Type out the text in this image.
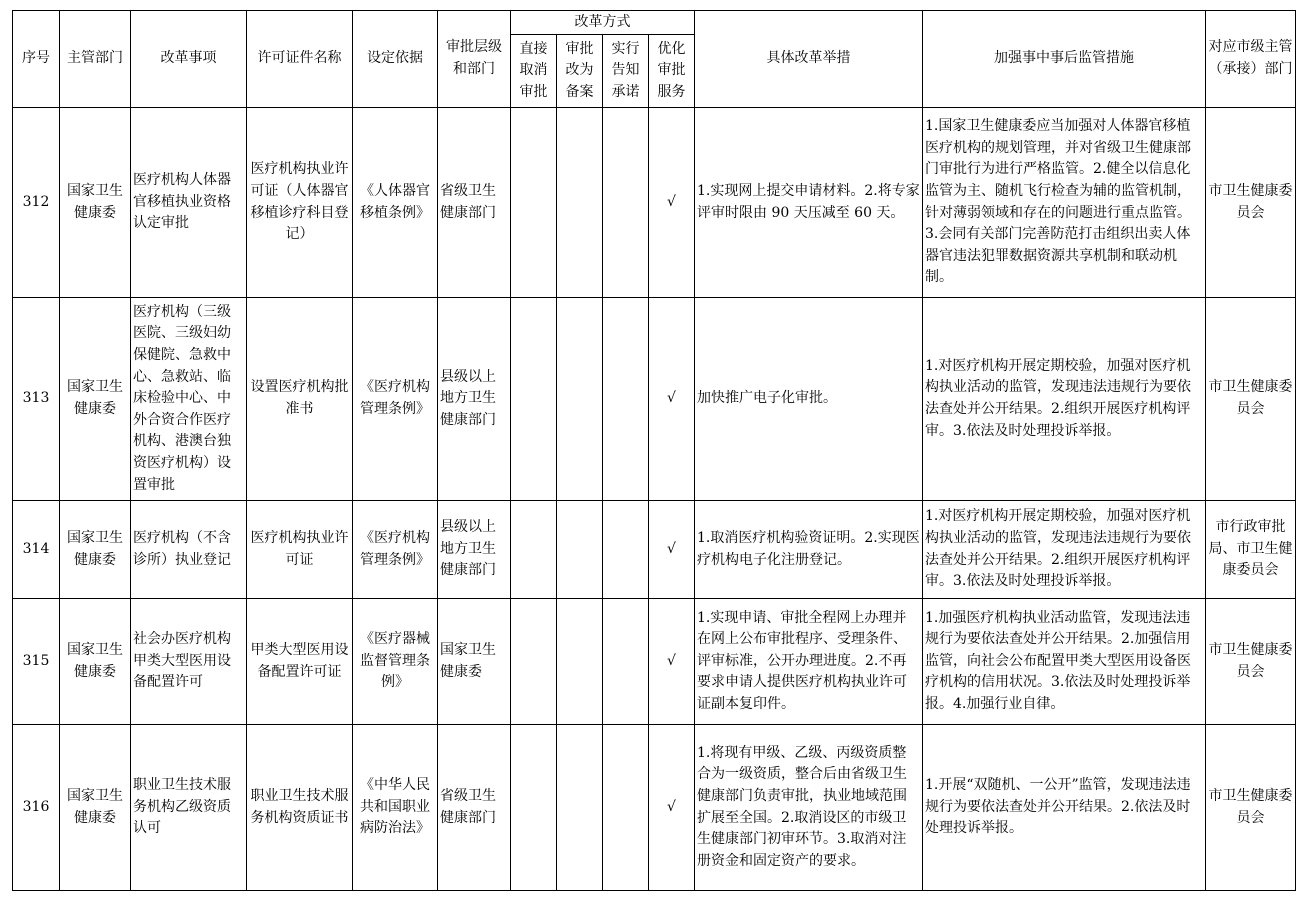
序号	主管部门	改革事项	许可证件名称	设定依据	审批层级和部门	改革方式				具体改革举措	加强事中事后监管措施	对应市级主管（承接）部门
						直接取消审批	审批改为备案	实行告知承诺	优化审批服务			
312	国家卫生健康委	医疗机构人体器官移植执业资格认定审批	医疗机构执业许可证（人体器官移植诊疗科目登记）	《人体器官移植条例》	省级卫生健康部门				√	1.实现网上提交申请材料。2.将专家评审时限由 90 天压减至 60 天。	1.国家卫生健康委应当加强对人体器官移植医疗机构的规划管理，并对省级卫生健康部门审批行为进行严格监管。2.健全以信息化监管为主、随机飞行检查为辅的监管机制，针对薄弱领域和存在的问题进行重点监管。3.会同有关部门完善防范打击组织出卖人体器官违法犯罪数据资源共享机制和联动机制。	市卫生健康委员会
313	国家卫生健康委	医疗机构（三级医院、三级妇幼保健院、急救中心、急救站、临床检验中心、中外合资合作医疗机构、港澳台独资医疗机构）设置审批	设置医疗机构批准书	《医疗机构管理条例》	县级以上地方卫生健康部门				√	加快推广电子化审批。	1.对医疗机构开展定期校验，加强对医疗机构执业活动的监管，发现违法违规行为要依法查处并公开结果。2.组织开展医疗机构评审。3.依法及时处理投诉举报。	市卫生健康委员会
314	国家卫生健康委	医疗机构（不含诊所）执业登记	医疗机构执业许可证	《医疗机构管理条例》	县级以上地方卫生健康部门				√	1.取消医疗机构验资证明。2.实现医疗机构电子化注册登记。	1.对医疗机构开展定期校验，加强对医疗机构执业活动的监管，发现违法违规行为要依法查处并公开结果。2.组织开展医疗机构评审。3.依法及时处理投诉举报。	市行政审批局、市卫生健康委员会
315	国家卫生健康委	社会办医疗机构甲类大型医用设备配置许可	甲类大型医用设备配置许可证	《医疗器械监督管理条例》	国家卫生健康委				√	1.实现申请、审批全程网上办理并在网上公布审批程序、受理条件、评审标准，公开办理进度。2.不再要求申请人提供医疗机构执业许可证副本复印件。	1.加强医疗机构执业活动监管，发现违法违规行为要依法查处并公开结果。2.加强信用监管，向社会公布配置甲类大型医用设备医疗机构的信用状况。3.依法及时处理投诉举报。4.加强行业自律。	市卫生健康委员会
316	国家卫生健康委	职业卫生技术服务机构乙级资质认可	职业卫生技术服务机构资质证书	《中华人民共和国职业病防治法》	省级卫生健康部门				√	1.将现有甲级、乙级、丙级资质整合为一级资质，整合后由省级卫生健康部门负责审批，执业地域范围扩展至全国。2.取消设区的市级卫生健康部门初审环节。3.取消对注册资金和固定资产的要求。	1.开展“双随机、一公开”监管，发现违法违规行为要依法查处并公开结果。2.依法及时处理投诉举报。	市卫生健康委员会
